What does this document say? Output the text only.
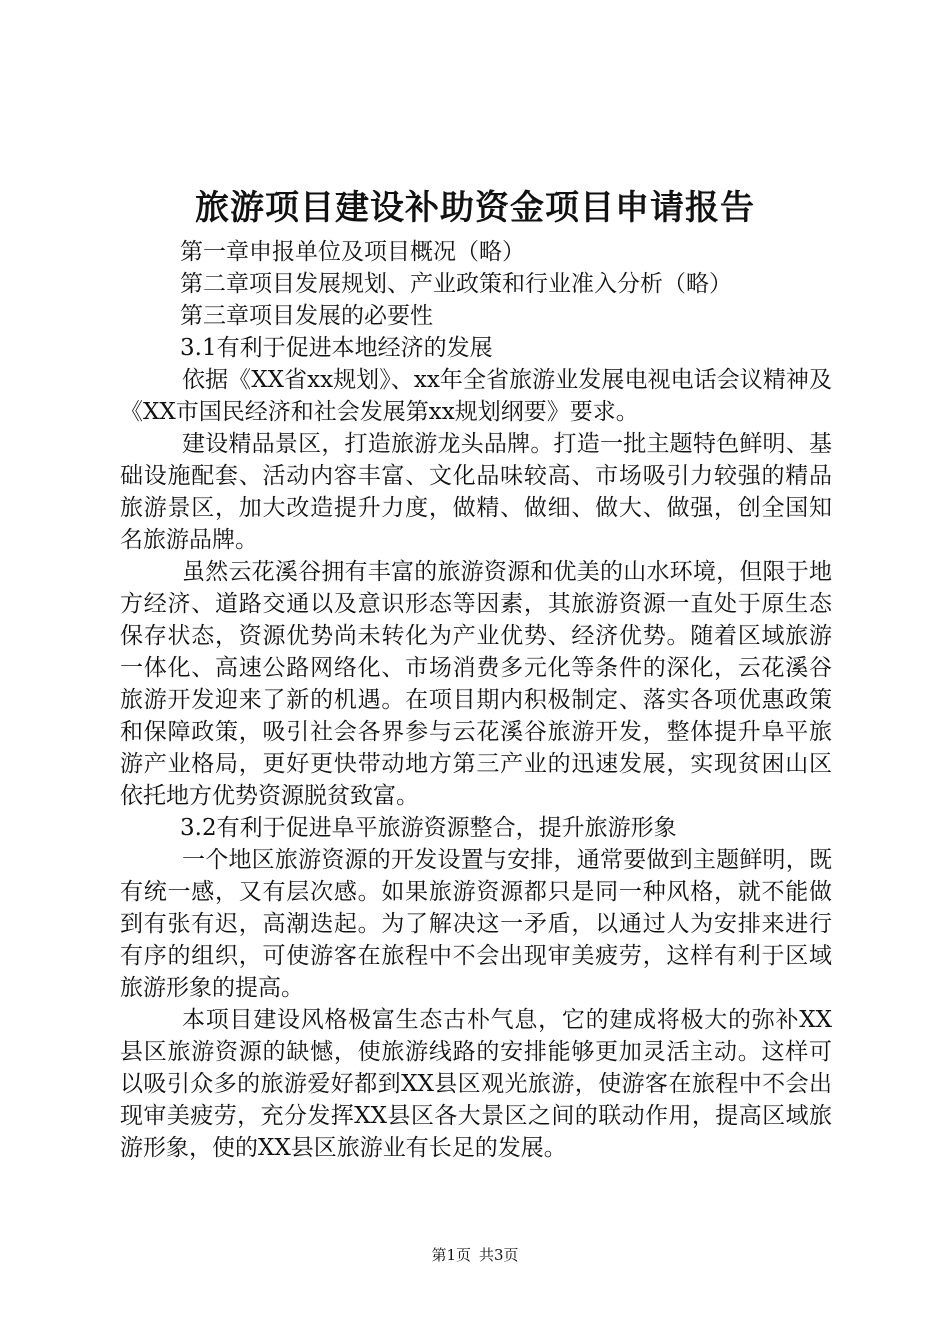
旅游项目建设补助资金项目申请报告

第一章申报单位及项目概况（略）

第二章项目发展规划、产业政策和行业准入分析（略）

第三章项目发展的必要性

3.1有利于促进本地经济的发展

依据《XX省xx规划》、xx年全省旅游业发展电视电话会议精神及《XX市国民经济和社会发展第xx规划纲要》要求。

建设精品景区，打造旅游龙头品牌。打造一批主题特色鲜明、基础设施配套、活动内容丰富、文化品味较高、市场吸引力较强的精品旅游景区，加大改造提升力度，做精、做细、做大、做强，创全国知名旅游品牌。

虽然云花溪谷拥有丰富的旅游资源和优美的山水环境，但限于地方经济、道路交通以及意识形态等因素，其旅游资源一直处于原生态保存状态，资源优势尚未转化为产业优势、经济优势。随着区域旅游一体化、高速公路网络化、市场消费多元化等条件的深化，云花溪谷旅游开发迎来了新的机遇。在项目期内积极制定、落实各项优惠政策和保障政策，吸引社会各界参与云花溪谷旅游开发，整体提升阜平旅游产业格局，更好更快带动地方第三产业的迅速发展，实现贫困山区依托地方优势资源脱贫致富。

3.2有利于促进阜平旅游资源整合，提升旅游形象

一个地区旅游资源的开发设置与安排，通常要做到主题鲜明，既有统一感，又有层次感。如果旅游资源都只是同一种风格，就不能做到有张有迟，高潮迭起。为了解决这一矛盾，以通过人为安排来进行有序的组织，可使游客在旅程中不会出现审美疲劳，这样有利于区域旅游形象的提高。

本项目建设风格极富生态古朴气息，它的建成将极大的弥补XX县区旅游资源的缺憾，使旅游线路的安排能够更加灵活主动。这样可以吸引众多的旅游爱好都到XX县区观光旅游，使游客在旅程中不会出现审美疲劳，充分发挥XX县区各大景区之间的联动作用，提高区域旅游形象，使的XX县区旅游业有长足的发展。

第1页 共3页
